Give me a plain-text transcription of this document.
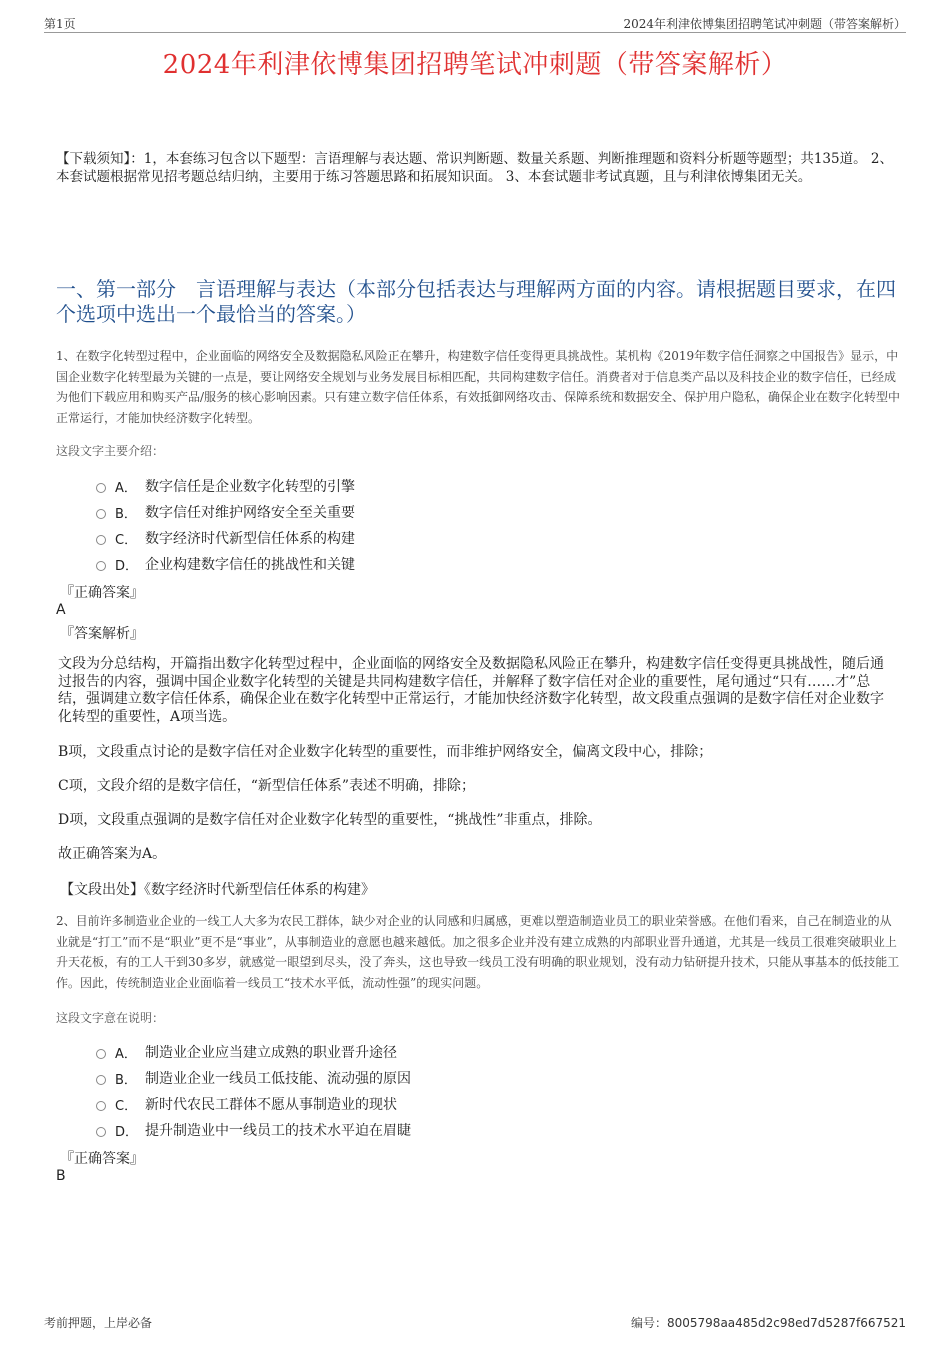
第1页	2024年利津依博集团招聘笔试冲刺题（带答案解析）
2024年利津依博集团招聘笔试冲刺题（带答案解析）
【下载须知】：1，本套练习包含以下题型：言语理解与表达题、常识判断题、数量关系题、判断推理题和资料分析题等题型；共135道。 2、本套试题根据常见招考题总结归纳，主要用于练习答题思路和拓展知识面。 3、本套试题非考试真题，且与利津依博集团无关。
一、第一部分　言语理解与表达（本部分包括表达与理解两方面的内容。请根据题目要求，在四个选项中选出一个最恰当的答案。）
1、在数字化转型过程中，企业面临的网络安全及数据隐私风险正在攀升，构建数字信任变得更具挑战性。某机构《2019年数字信任洞察之中国报告》显示，中国企业数字化转型最为关键的一点是，要让网络安全规划与业务发展目标相匹配，共同构建数字信任。消费者对于信息类产品以及科技企业的数字信任，已经成为他们下载应用和购买产品/服务的核心影响因素。只有建立数字信任体系，有效抵御网络攻击、保障系统和数据安全、保护用户隐私，确保企业在数字化转型中正常运行，才能加快经济数字化转型。
这段文字主要介绍：
A． 数字信任是企业数字化转型的引擎
B． 数字信任对维护网络安全至关重要
C． 数字经济时代新型信任体系的构建
D． 企业构建数字信任的挑战性和关键
『正确答案』
A
『答案解析』
文段为分总结构，开篇指出数字化转型过程中，企业面临的网络安全及数据隐私风险正在攀升，构建数字信任变得更具挑战性，随后通过报告的内容，强调中国企业数字化转型的关键是共同构建数字信任，并解释了数字信任对企业的重要性，尾句通过“只有……才”总结，强调建立数字信任体系，确保企业在数字化转型中正常运行，才能加快经济数字化转型，故文段重点强调的是数字信任对企业数字化转型的重要性，A项当选。
B项，文段重点讨论的是数字信任对企业数字化转型的重要性，而非维护网络安全，偏离文段中心，排除；
C项，文段介绍的是数字信任，“新型信任体系”表述不明确，排除；
D项，文段重点强调的是数字信任对企业数字化转型的重要性，“挑战性”非重点，排除。
故正确答案为A。
【文段出处】《数字经济时代新型信任体系的构建》
2、目前许多制造业企业的一线工人大多为农民工群体，缺少对企业的认同感和归属感，更难以塑造制造业员工的职业荣誉感。在他们看来，自己在制造业的从业就是“打工”而不是“职业”更不是“事业”，从事制造业的意愿也越来越低。加之很多企业并没有建立成熟的内部职业晋升通道，尤其是一线员工很难突破职业上升天花板，有的工人干到30多岁，就感觉一眼望到尽头，没了奔头，这也导致一线员工没有明确的职业规划，没有动力钻研提升技术，只能从事基本的低技能工作。因此，传统制造业企业面临着一线员工“技术水平低，流动性强”的现实问题。
这段文字意在说明：
A． 制造业企业应当建立成熟的职业晋升途径
B． 制造业企业一线员工低技能、流动强的原因
C． 新时代农民工群体不愿从事制造业的现状
D． 提升制造业中一线员工的技术水平迫在眉睫
『正确答案』
B
考前押题，上岸必备	编号：8005798aa485d2c98ed7d5287f667521
